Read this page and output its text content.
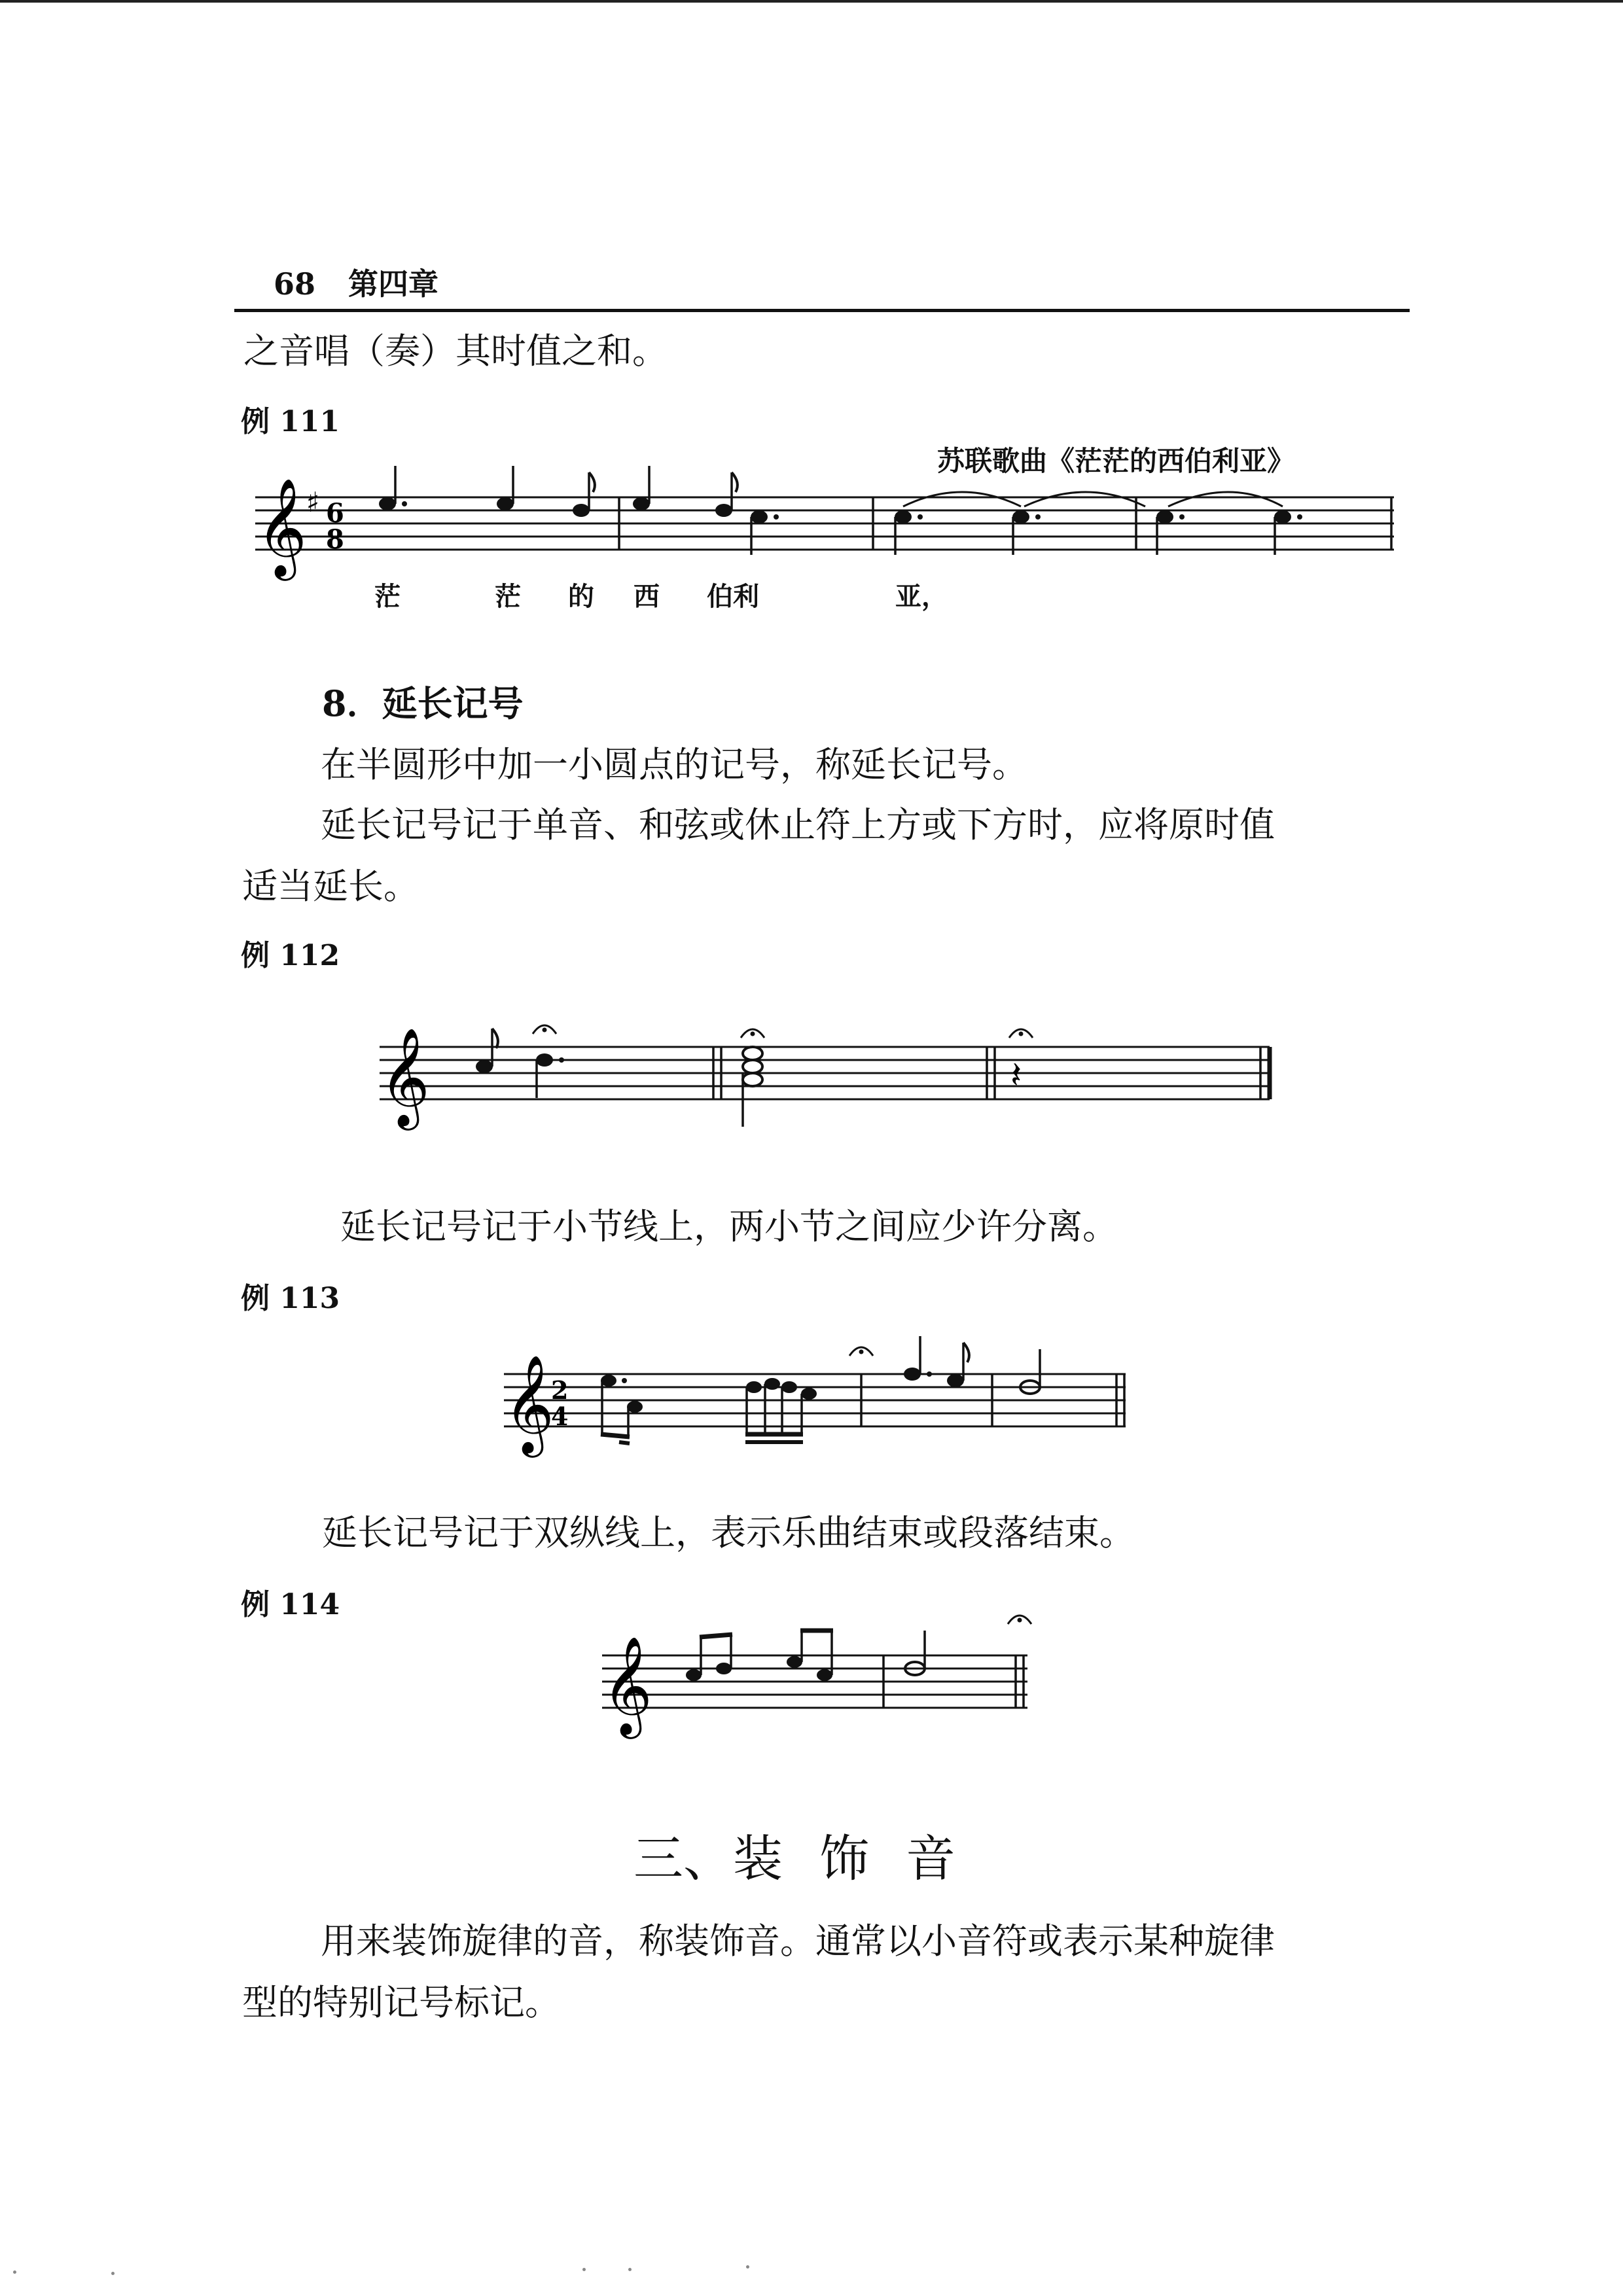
68 第四章
之音唱（奏）其时值之和。
例 111
苏联歌曲《茫茫的西伯利亚》
𝄞 ♯ 6
8
茫	茫 的 西 伯利	亚，
8．延长记号
在半圆形中加一小圆点的记号，称延长记号。
延长记号记于单音、和弦或休止符上方或下方时，应将原时值
适当延长。
例 112
𝄞	𝄽
延长记号记于小节线上，两小节之间应少许分离。
例 113
𝄞
2
4
延长记号记于双纵线上，表示乐曲结束或段落结束。
例 114
𝄞
三、装 饰 音
用来装饰旋律的音，称装饰音。通常以小音符或表示某种旋律
型的特别记号标记。
